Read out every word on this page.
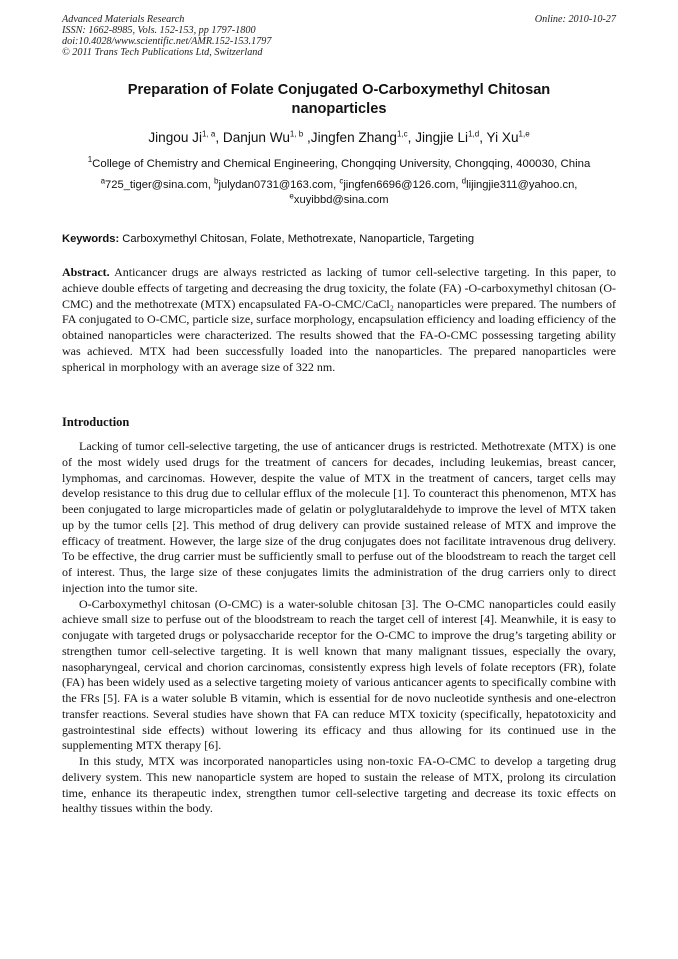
Advanced Materials Research
ISSN: 1662-8985, Vols. 152-153, pp 1797-1800
doi:10.4028/www.scientific.net/AMR.152-153.1797
© 2011 Trans Tech Publications Ltd, Switzerland
Online: 2010-10-27
Preparation of Folate Conjugated O-Carboxymethyl Chitosan
nanoparticles
Jingou Ji$^{1, a}$, Danjun Wu$^{1, b}$ ,Jingfen Zhang$^{1,c}$, Jingjie Li$^{1,d}$, Yi Xu$^{1,e}$
$^1$College of Chemistry and Chemical Engineering, Chongqing University, Chongqing, 400030, China
$^a$725_tiger@sina.com, $^b$julydan0731@163.com, $^c$jingfen6696@126.com, $^d$lijingjie311@yahoo.cn,
$^e$xuyibbd@sina.com
Keywords: Carboxymethyl Chitosan, Folate, Methotrexate, Nanoparticle, Targeting
Abstract. Anticancer drugs are always restricted as lacking of tumor cell-selective targeting. In this paper, to achieve double effects of targeting and decreasing the drug toxicity, the folate (FA) -O-carboxymethyl chitosan (O-CMC) and the methotrexate (MTX) encapsulated FA-O-CMC/CaCl₂ nanoparticles were prepared. The numbers of FA conjugated to O-CMC, particle size, surface morphology, encapsulation efficiency and loading efficiency of the obtained nanoparticles were characterized. The results showed that the FA-O-CMC possessing targeting ability was achieved. MTX had been successfully loaded into the nanoparticles. The prepared nanoparticles were spherical in morphology with an average size of 322 nm.
Introduction

Lacking of tumor cell-selective targeting, the use of anticancer drugs is restricted. Methotrexate (MTX) is one of the most widely used drugs for the treatment of cancers for decades, including leukemias, breast cancer, lymphomas, and carcinomas. However, despite the value of MTX in the treatment of cancers, target cells may develop resistance to this drug due to cellular efflux of the molecule [1]. To counteract this phenomenon, MTX has been conjugated to large microparticles made of gelatin or polyglutaraldehyde to improve the level of MTX taken up by the tumor cells [2]. This method of drug delivery can provide sustained release of MTX and improve the efficacy of treatment. However, the large size of the drug conjugates does not facilitate intravenous drug delivery. To be effective, the drug carrier must be sufficiently small to perfuse out of the bloodstream to reach the target cell of interest. Thus, the large size of these conjugates limits the administration of the drug carriers only to direct injection into the tumor site.

O-Carboxymethyl chitosan (O-CMC) is a water-soluble chitosan [3]. The O-CMC nanoparticles could easily achieve small size to perfuse out of the bloodstream to reach the target cell of interest [4]. Meanwhile, it is easy to conjugate with targeted drugs or polysaccharide receptor for the O-CMC to improve the drug’s targeting ability or strengthen tumor cell-selective targeting. It is well known that many malignant tissues, especially the ovary, nasopharyngeal, cervical and chorion carcinomas, consistently express high levels of folate receptors (FR), folate (FA) has been widely used as a selective targeting moiety of various anticancer agents to specifically combine with the FRs [5]. FA is a water soluble B vitamin, which is essential for de novo nucleotide synthesis and one-electron transfer reactions. Several studies have shown that FA can reduce MTX toxicity (specifically, hepatotoxicity and gastrointestinal side effects) without lowering its efficacy and thus allowing for its continued use in the supplementing MTX therapy [6].

In this study, MTX was incorporated nanoparticles using non-toxic FA-O-CMC to develop a targeting drug delivery system. This new nanoparticle system are hoped to sustain the release of MTX, prolong its circulation time, enhance its therapeutic index, strengthen tumor cell-selective targeting and decrease its toxic effects on healthy tissues within the body.
